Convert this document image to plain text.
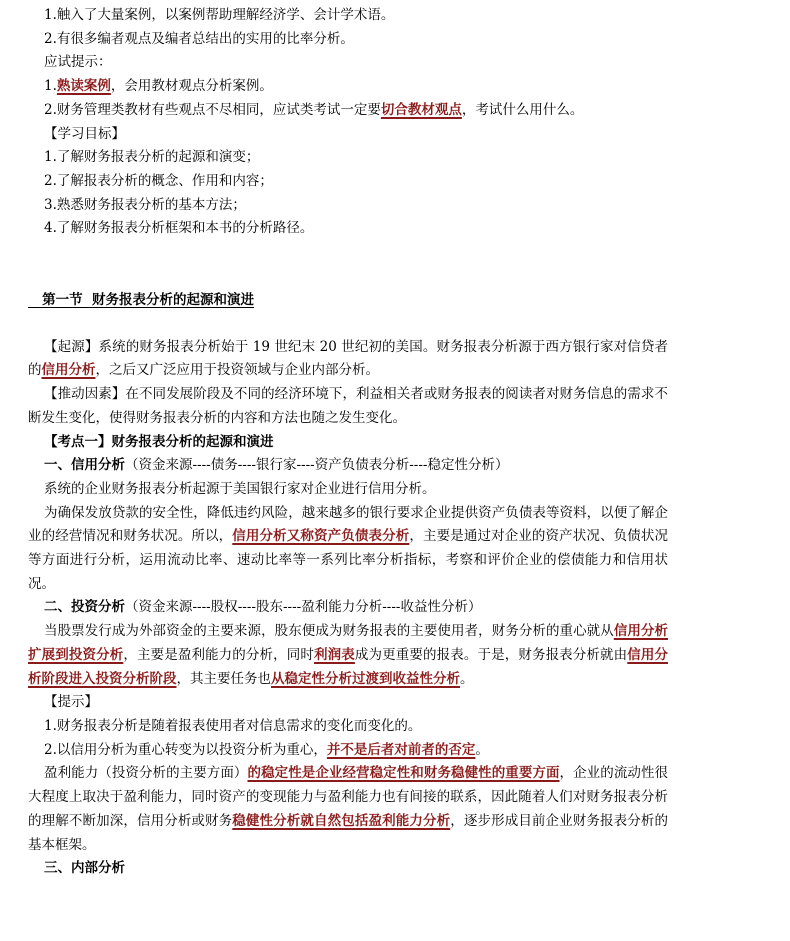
1.触入了大量案例，以案例帮助理解经济学、会计学术语。
2.有很多编者观点及编者总结出的实用的比率分析。
应试提示：
1.熟读案例，会用教材观点分析案例。
2.财务管理类教材有些观点不尽相同，应试类考试一定要切合教材观点，考试什么用什么。
【学习目标】
1.了解财务报表分析的起源和演变；
2.了解报表分析的概念、作用和内容；
3.熟悉财务报表分析的基本方法；
4.了解财务报表分析框架和本书的分析路径。
第一节  财务报表分析的起源和演进
【起源】系统的财务报表分析始于 19 世纪末 20 世纪初的美国。财务报表分析源于西方银行家对信贷者的信用分析，之后又广泛应用于投资领域与企业内部分析。
【推动因素】在不同发展阶段及不同的经济环境下，利益相关者或财务报表的阅读者对财务信息的需求不断发生变化，使得财务报表分析的内容和方法也随之发生变化。
【考点一】财务报表分析的起源和演进
一、信用分析（资金来源----债务----银行家----资产负债表分析----稳定性分析）
系统的企业财务报表分析起源于美国银行家对企业进行信用分析。
为确保发放贷款的安全性，降低违约风险，越来越多的银行要求企业提供资产负债表等资料，以便了解企业的经营情况和财务状况。所以，信用分析又称资产负债表分析，主要是通过对企业的资产状况、负债状况等方面进行分析，运用流动比率、速动比率等一系列比率分析指标，考察和评价企业的偿债能力和信用状况。
二、投资分析（资金来源----股权----股东----盈利能力分析----收益性分析）
当股票发行成为外部资金的主要来源，股东便成为财务报表的主要使用者，财务分析的重心就从信用分析扩展到投资分析，主要是盈利能力的分析，同时利润表成为更重要的报表。于是，财务报表分析就由信用分析阶段进入投资分析阶段，其主要任务也从稳定性分析过渡到收益性分析。
【提示】
1.财务报表分析是随着报表使用者对信息需求的变化而变化的。
2.以信用分析为重心转变为以投资分析为重心，并不是后者对前者的否定。
盈利能力（投资分析的主要方面）的稳定性是企业经营稳定性和财务稳健性的重要方面，企业的流动性很大程度上取决于盈利能力，同时资产的变现能力与盈利能力也有间接的联系，因此随着人们对财务报表分析的理解不断加深，信用分析或财务稳健性分析就自然包括盈利能力分析，逐步形成目前企业财务报表分析的基本框架。
三、内部分析
